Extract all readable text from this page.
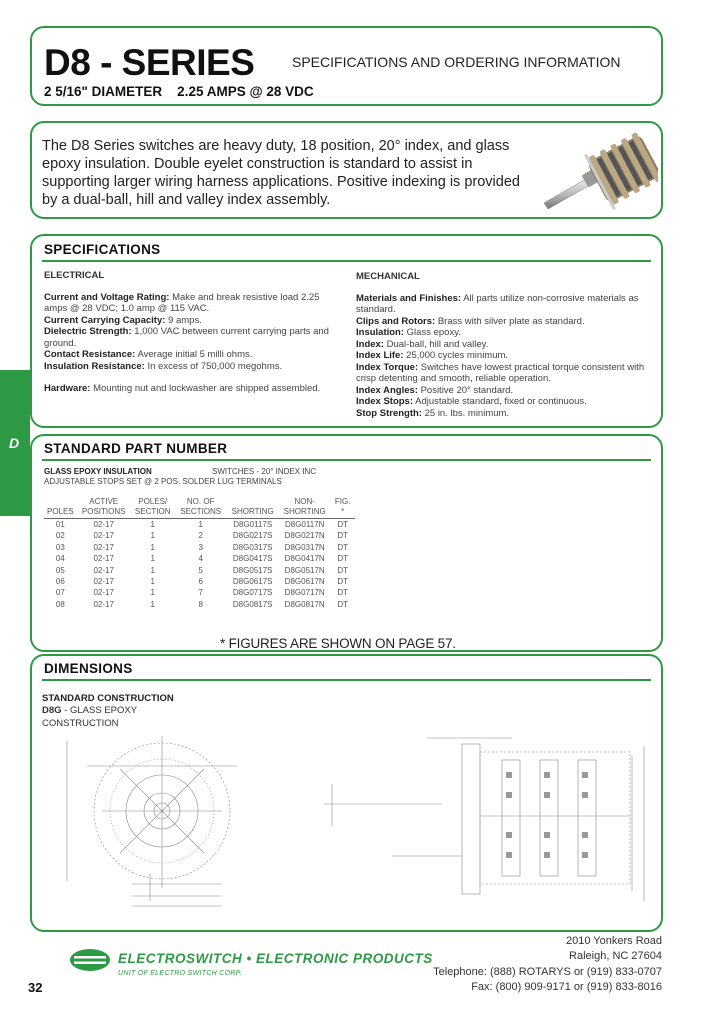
D8 - SERIES	SPECIFICATIONS AND ORDERING INFORMATION
2 5/16" DIAMETER    2.25 AMPS @ 28 VDC
The D8 Series switches are heavy duty, 18 position, 20° index, and glass epoxy insulation. Double eyelet construction is standard to assist in supporting larger wiring harness applications. Positive indexing is provided by a dual-ball, hill and valley index assembly.
SPECIFICATIONS
ELECTRICAL
Current and Voltage Rating: Make and break resistive load 2.25 amps @ 28 VDC; 1.0 amp @ 115 VAC.
Current Carrying Capacity: 9 amps.
Dielectric Strength: 1,000 VAC between current carrying parts and ground.
Contact Resistance: Average initial 5 milli ohms.
Insulation Resistance: In excess of 750,000 megohms.
Hardware: Mounting nut and lockwasher are shipped assembled.
MECHANICAL
Materials and Finishes: All parts utilize non-corrosive materials as standard.
Clips and Rotors: Brass with silver plate as standard.
Insulation: Glass epoxy.
Index: Dual-ball, hill and valley.
Index Life: 25,000 cycles minimum.
Index Torque: Switches have lowest practical torque consistent with crisp detenting and smooth, reliable operation.
Index Angles: Positive 20° standard.
Index Stops: Adjustable standard, fixed or continuous.
Stop Strength: 25 in. lbs. minimum.
D STANDARD PART NUMBER
GLASS EPOXY INSULATION	SWITCHES - 20° INDEX INC
ADJUSTABLE STOPS SET @ 2 POS. SOLDER LUG TERMINALS
POLES	ACTIVE POSITIONS	POLES/ SECTION	NO. OF SECTIONS	SHORTING	NON- SHORTING	FIG. *
01	02-17	1	1	D8G0117S	D8G0117N	DT
02	02-17	1	2	D8G0217S	D8G0217N	DT
03	02-17	1	3	D8G0317S	D8G0317N	DT
04	02-17	1	4	D8G0417S	D8G0417N	DT
05	02-17	1	5	D8G0517S	D8G0517N	DT
06	02-17	1	6	D8G0617S	D8G0617N	DT
07	02-17	1	7	D8G0717S	D8G0717N	DT
08	02-17	1	8	D8G0817S	D8G0817N	DT
* FIGURES ARE SHOWN ON PAGE 57.
DIMENSIONS
STANDARD CONSTRUCTION
D8G - GLASS EPOXY
CONSTRUCTION
ELECTROSWITCH • ELECTRONIC PRODUCTS
UNIT OF ELECTRO SWITCH CORP.
2010 Yonkers Road
Raleigh, NC 27604
Telephone: (888) ROTARYS or (919) 833-0707
Fax: (800) 909-9171 or (919) 833-8016
32
